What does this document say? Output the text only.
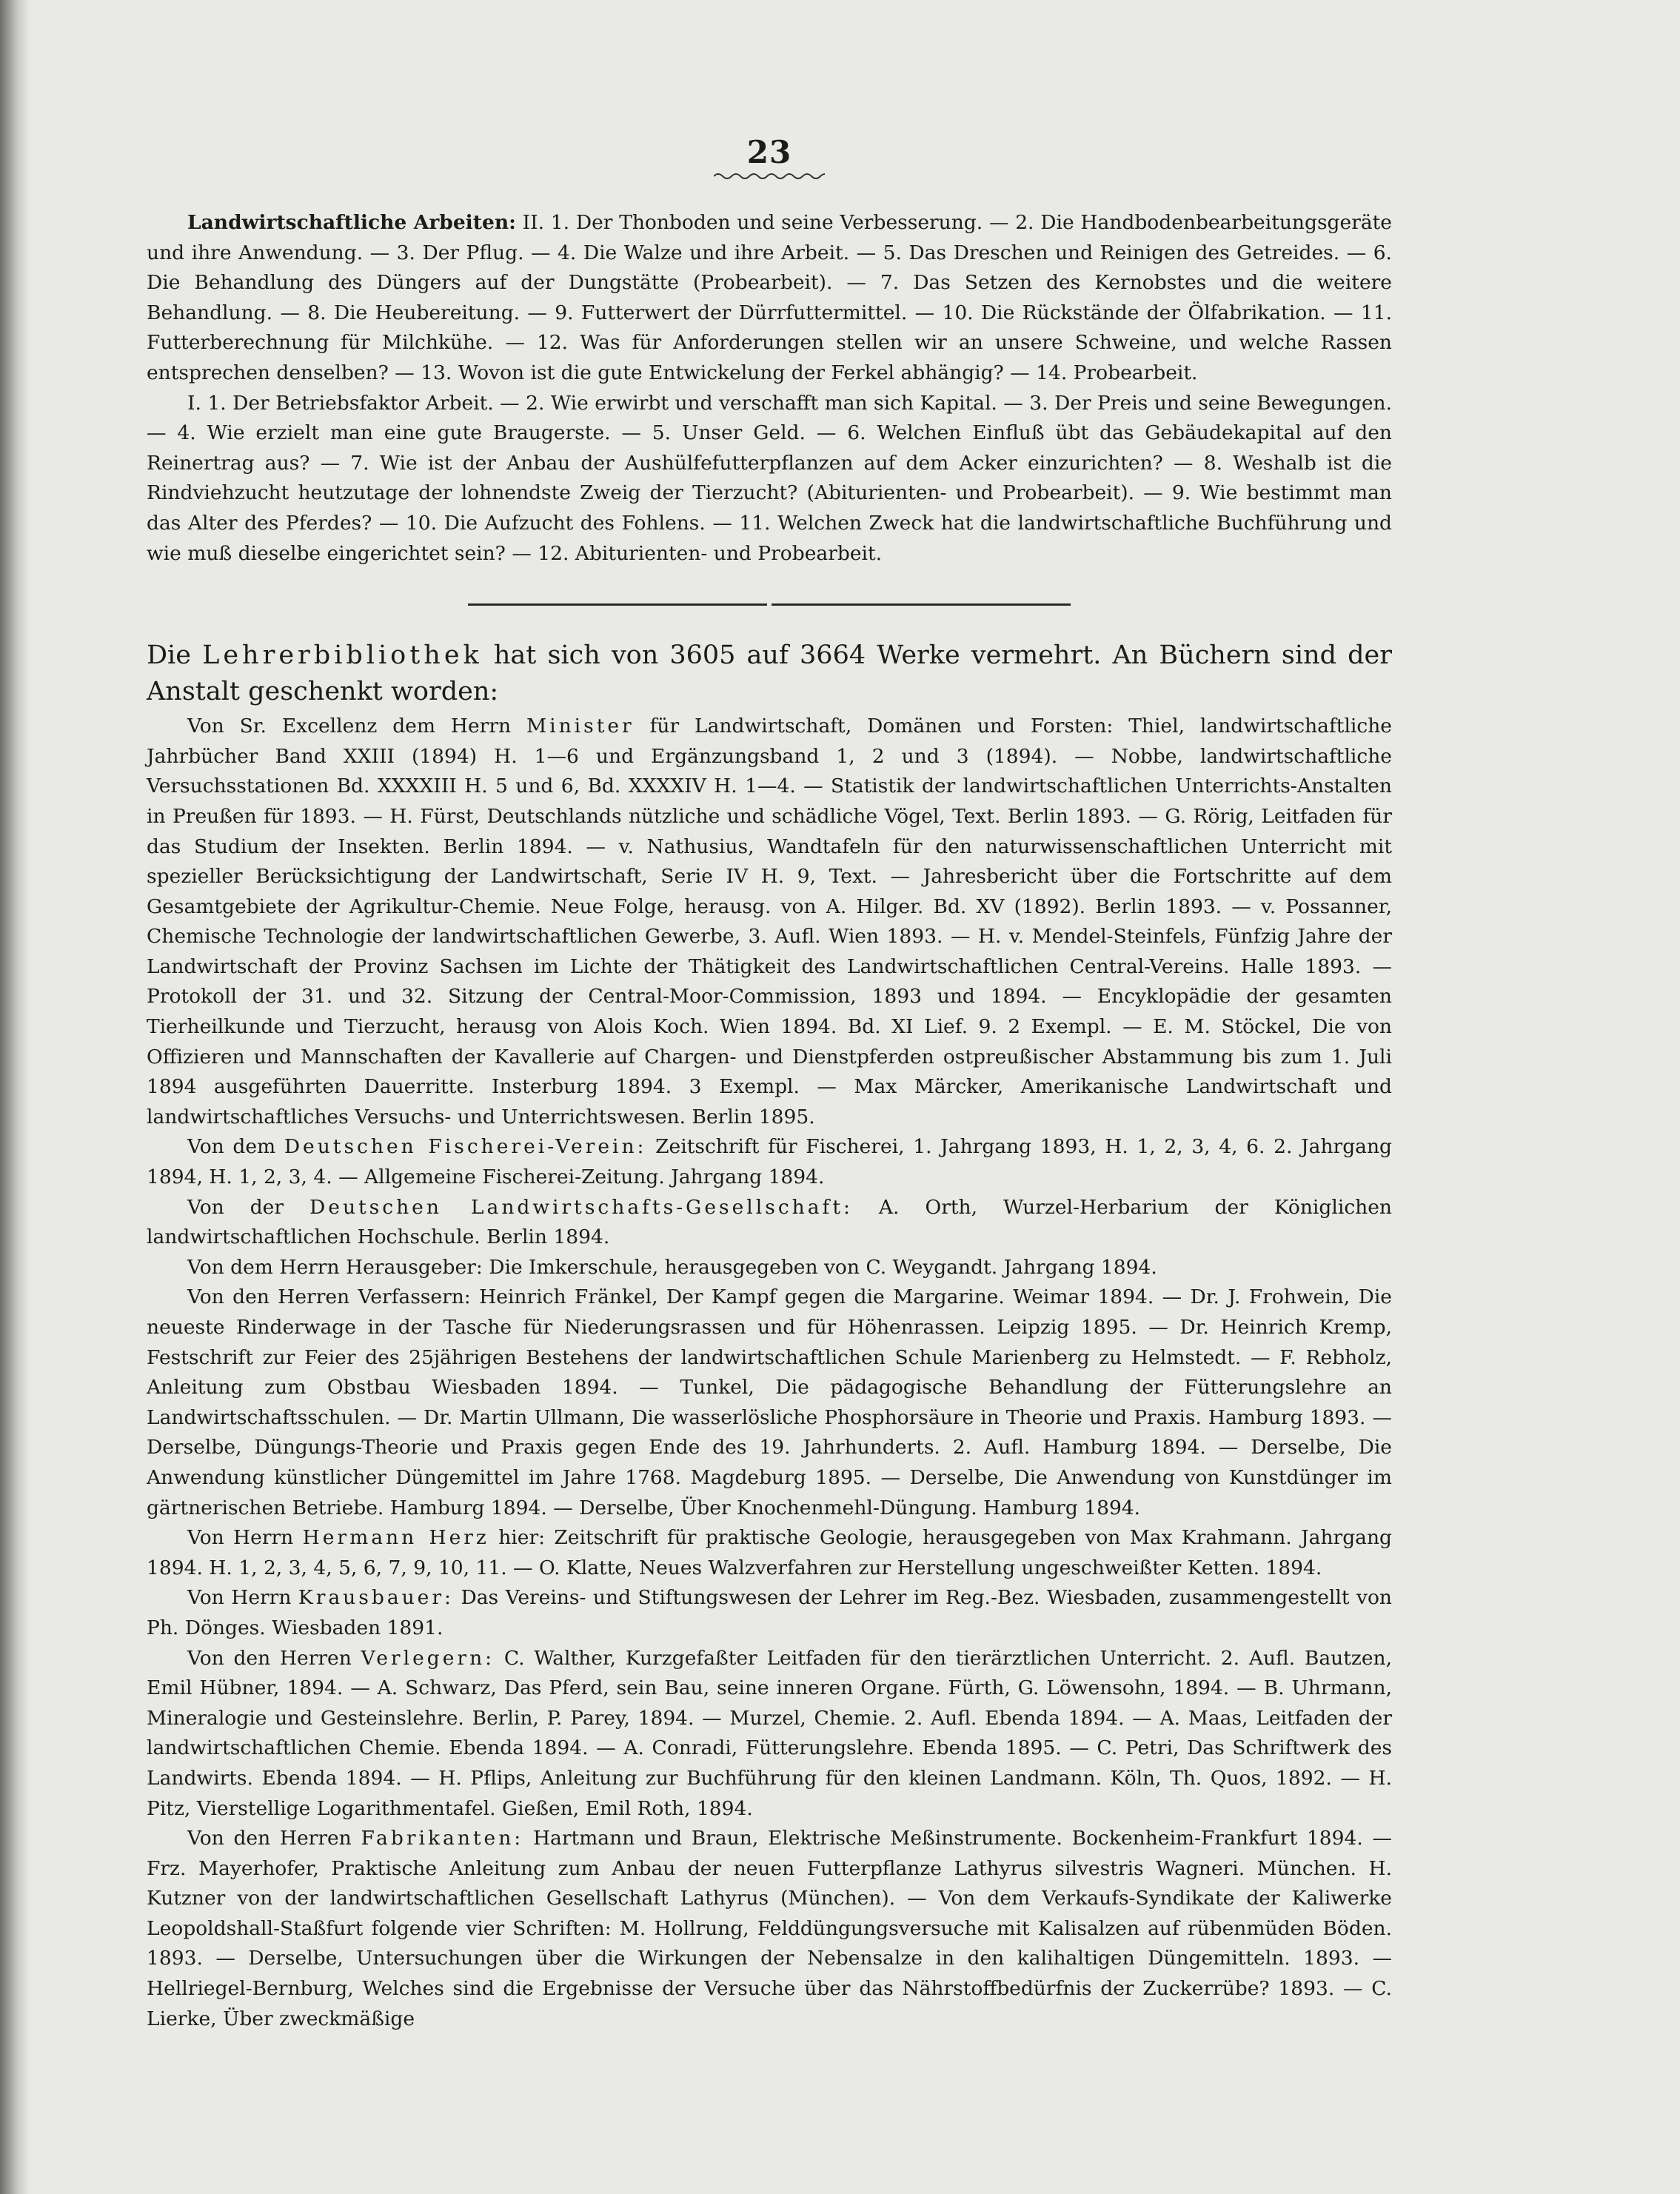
23

Landwirtschaftliche Arbeiten: II. 1. Der Thonboden und seine Verbesserung. — 2. Die Handbodenbearbeitungsgeräte und ihre Anwendung. — 3. Der Pflug. — 4. Die Walze und ihre Arbeit. — 5. Das Dreschen und Reinigen des Getreides. — 6. Die Behandlung des Düngers auf der Dungstätte (Probearbeit). — 7. Das Setzen des Kernobstes und die weitere Behandlung. — 8. Die Heubereitung. — 9. Futterwert der Dürrfuttermittel. — 10. Die Rückstände der Ölfabrikation. — 11. Futterberechnung für Milchkühe. — 12. Was für Anforderungen stellen wir an unsere Schweine, und welche Rassen entsprechen denselben? — 13. Wovon ist die gute Entwickelung der Ferkel abhängig? — 14. Probearbeit.

I. 1. Der Betriebsfaktor Arbeit. — 2. Wie erwirbt und verschafft man sich Kapital. — 3. Der Preis und seine Bewegungen. — 4. Wie erzielt man eine gute Braugerste. — 5. Unser Geld. — 6. Welchen Einfluß übt das Gebäudekapital auf den Reinertrag aus? — 7. Wie ist der Anbau der Aushülfefutterpflanzen auf dem Acker einzurichten? — 8. Weshalb ist die Rindviehzucht heutzutage der lohnendste Zweig der Tierzucht? (Abiturienten- und Probearbeit). — 9. Wie bestimmt man das Alter des Pferdes? — 10. Die Aufzucht des Fohlens. — 11. Welchen Zweck hat die landwirtschaftliche Buchführung und wie muß dieselbe eingerichtet sein? — 12. Abiturienten- und Probearbeit.

Die Lehrerbibliothek hat sich von 3605 auf 3664 Werke vermehrt. An Büchern sind der Anstalt geschenkt worden:

Von Sr. Excellenz dem Herrn Minister für Landwirtschaft, Domänen und Forsten: Thiel, landwirtschaftliche Jahrbücher Band XXIII (1894) H. 1—6 und Ergänzungsband 1, 2 und 3 (1894). — Nobbe, landwirtschaftliche Versuchsstationen Bd. XXXXIII H. 5 und 6, Bd. XXXXIV H. 1—4. — Statistik der landwirtschaftlichen Unterrichts-Anstalten in Preußen für 1893. — H. Fürst, Deutschlands nützliche und schädliche Vögel, Text. Berlin 1893. — G. Rörig, Leitfaden für das Studium der Insekten. Berlin 1894. — v. Nathusius, Wandtafeln für den naturwissenschaftlichen Unterricht mit spezieller Berücksichtigung der Landwirtschaft, Serie IV H. 9, Text. — Jahresbericht über die Fortschritte auf dem Gesamtgebiete der Agrikultur-Chemie. Neue Folge, herausg. von A. Hilger. Bd. XV (1892). Berlin 1893. — v. Possanner, Chemische Technologie der landwirtschaftlichen Gewerbe, 3. Aufl. Wien 1893. — H. v. Mendel-Steinfels, Fünfzig Jahre der Landwirtschaft der Provinz Sachsen im Lichte der Thätigkeit des Landwirtschaftlichen Central-Vereins. Halle 1893. — Protokoll der 31. und 32. Sitzung der Central-Moor-Commission, 1893 und 1894. — Encyklopädie der gesamten Tierheilkunde und Tierzucht, herausg von Alois Koch. Wien 1894. Bd. XI Lief. 9. 2 Exempl. — E. M. Stöckel, Die von Offizieren und Mannschaften der Kavallerie auf Chargen- und Dienstpferden ostpreußischer Abstammung bis zum 1. Juli 1894 ausgeführten Dauerritte. Insterburg 1894. 3 Exempl. — Max Märcker, Amerikanische Landwirtschaft und landwirtschaftliches Versuchs- und Unterrichtswesen. Berlin 1895.

Von dem Deutschen Fischerei-Verein: Zeitschrift für Fischerei, 1. Jahrgang 1893, H. 1, 2, 3, 4, 6. 2. Jahrgang 1894, H. 1, 2, 3, 4. — Allgemeine Fischerei-Zeitung. Jahrgang 1894.

Von der Deutschen Landwirtschafts-Gesellschaft: A. Orth, Wurzel-Herbarium der Königlichen landwirtschaftlichen Hochschule. Berlin 1894.

Von dem Herrn Herausgeber: Die Imkerschule, herausgegeben von C. Weygandt. Jahrgang 1894.

Von den Herren Verfassern: Heinrich Fränkel, Der Kampf gegen die Margarine. Weimar 1894. — Dr. J. Frohwein, Die neueste Rinderwage in der Tasche für Niederungsrassen und für Höhenrassen. Leipzig 1895. — Dr. Heinrich Kremp, Festschrift zur Feier des 25jährigen Bestehens der landwirtschaftlichen Schule Marienberg zu Helmstedt. — F. Rebholz, Anleitung zum Obstbau Wiesbaden 1894. — Tunkel, Die pädagogische Behandlung der Fütterungslehre an Landwirtschaftsschulen. — Dr. Martin Ullmann, Die wasserlösliche Phosphorsäure in Theorie und Praxis. Hamburg 1893. — Derselbe, Düngungs-Theorie und Praxis gegen Ende des 19. Jahrhunderts. 2. Aufl. Hamburg 1894. — Derselbe, Die Anwendung künstlicher Düngemittel im Jahre 1768. Magdeburg 1895. — Derselbe, Die Anwendung von Kunstdünger im gärtnerischen Betriebe. Hamburg 1894. — Derselbe, Über Knochenmehl-Düngung. Hamburg 1894.

Von Herrn Hermann Herz hier: Zeitschrift für praktische Geologie, herausgegeben von Max Krahmann. Jahrgang 1894. H. 1, 2, 3, 4, 5, 6, 7, 9, 10, 11. — O. Klatte, Neues Walzverfahren zur Herstellung ungeschweißter Ketten. 1894.

Von Herrn Krausbauer: Das Vereins- und Stiftungswesen der Lehrer im Reg.-Bez. Wiesbaden, zusammengestellt von Ph. Dönges. Wiesbaden 1891.

Von den Herren Verlegern: C. Walther, Kurzgefaßter Leitfaden für den tierärztlichen Unterricht. 2. Aufl. Bautzen, Emil Hübner, 1894. — A. Schwarz, Das Pferd, sein Bau, seine inneren Organe. Fürth, G. Löwensohn, 1894. — B. Uhrmann, Mineralogie und Gesteinslehre. Berlin, P. Parey, 1894. — Murzel, Chemie. 2. Aufl. Ebenda 1894. — A. Maas, Leitfaden der landwirtschaftlichen Chemie. Ebenda 1894. — A. Conradi, Fütterungslehre. Ebenda 1895. — C. Petri, Das Schriftwerk des Landwirts. Ebenda 1894. — H. Pflips, Anleitung zur Buchführung für den kleinen Landmann. Köln, Th. Quos, 1892. — H. Pitz, Vierstellige Logarithmentafel. Gießen, Emil Roth, 1894.

Von den Herren Fabrikanten: Hartmann und Braun, Elektrische Meßinstrumente. Bockenheim-Frankfurt 1894. — Frz. Mayerhofer, Praktische Anleitung zum Anbau der neuen Futterpflanze Lathyrus silvestris Wagneri. München. H. Kutzner von der landwirtschaftlichen Gesellschaft Lathyrus (München). — Von dem Verkaufs-Syndikate der Kaliwerke Leopoldshall-Staßfurt folgende vier Schriften: M. Hollrung, Felddüngungsversuche mit Kalisalzen auf rübenmüden Böden. 1893. — Derselbe, Untersuchungen über die Wirkungen der Nebensalze in den kalihaltigen Düngemitteln. 1893. — Hellriegel-Bernburg, Welches sind die Ergebnisse der Versuche über das Nährstoffbedürfnis der Zuckerrübe? 1893. — C. Lierke, Über zweckmäßige
